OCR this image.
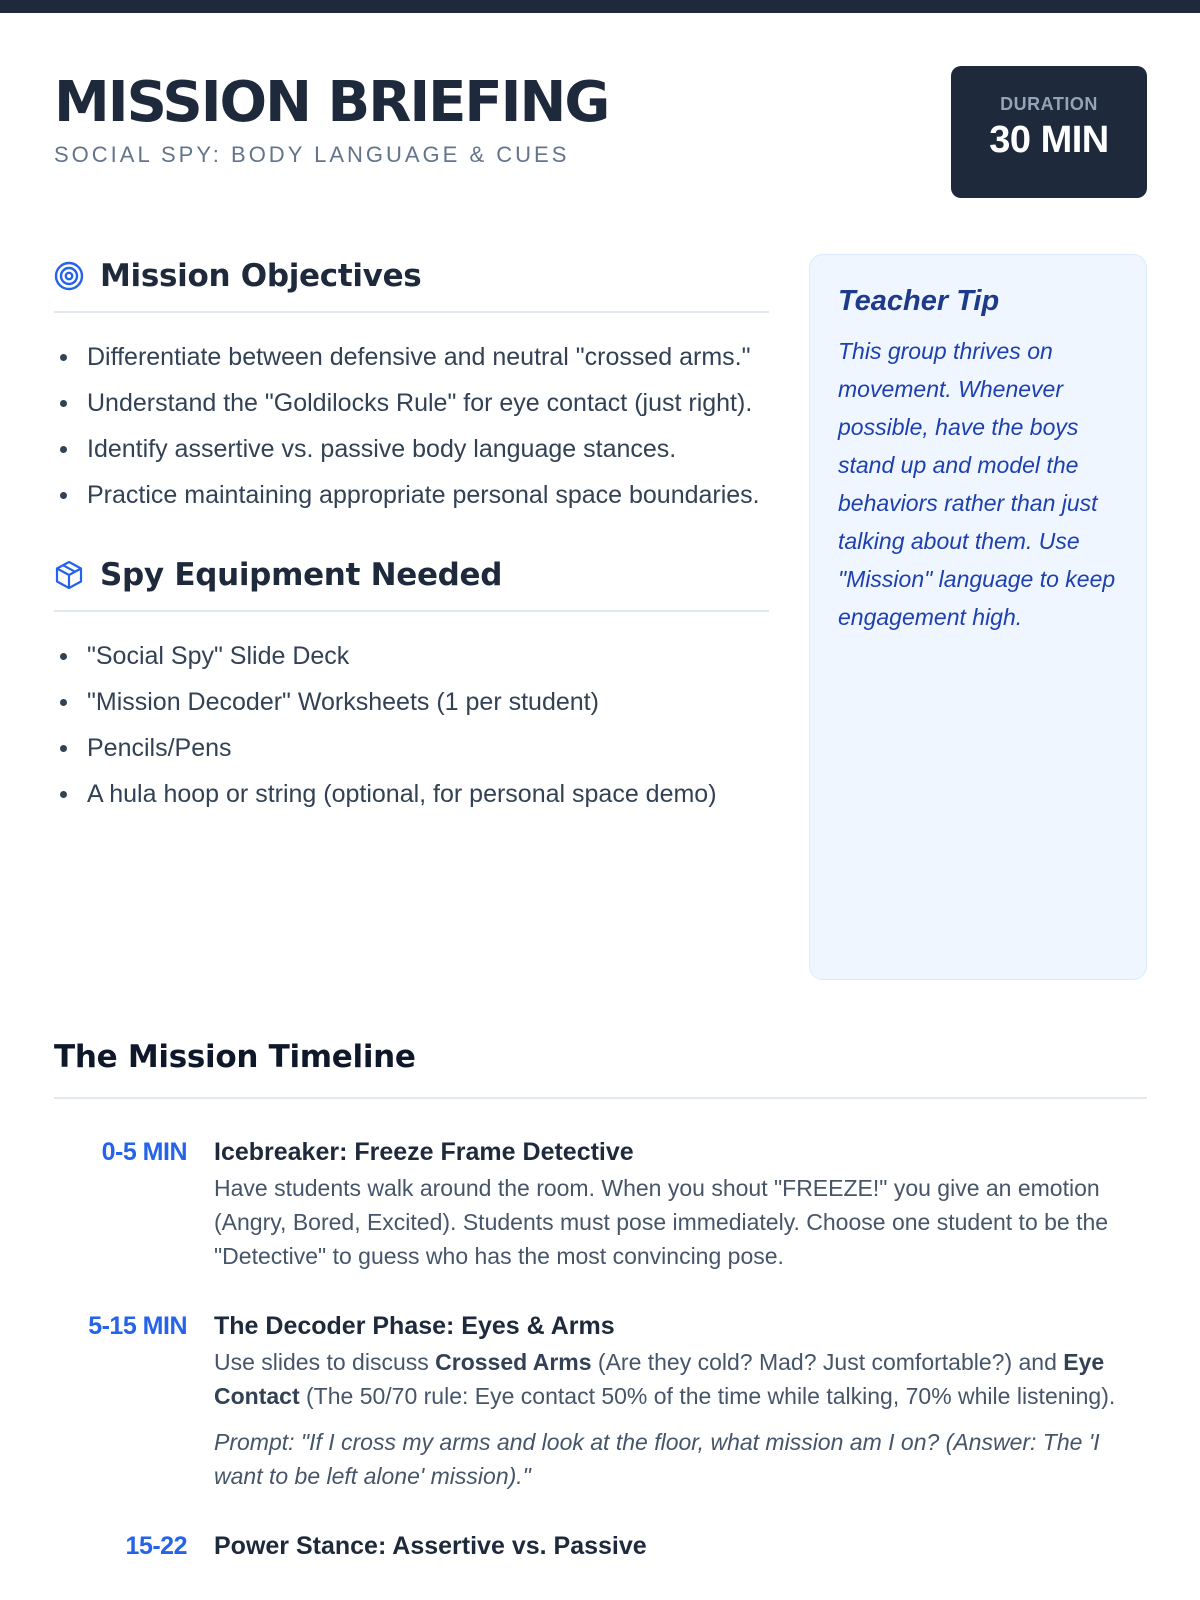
MISSION BRIEFING
SOCIAL SPY: BODY LANGUAGE & CUES
DURATION
30 MIN
Mission Objectives
Differentiate between defensive and neutral "crossed arms."
Understand the "Goldilocks Rule" for eye contact (just right).
Identify assertive vs. passive body language stances.
Practice maintaining appropriate personal space boundaries.
Spy Equipment Needed
"Social Spy" Slide Deck
"Mission Decoder" Worksheets (1 per student)
Pencils/Pens
A hula hoop or string (optional, for personal space demo)
Teacher Tip

This group thrives on movement. Whenever possible, have the boys stand up and model the behaviors rather than just talking about them. Use "Mission" language to keep engagement high.

The Mission Timeline
0-5 MIN Icebreaker: Freeze Frame Detective
Have students walk around the room. When you shout "FREEZE!" you give an emotion (Angry, Bored, Excited). Students must pose immediately. Choose one student to be the "Detective" to guess who has the most convincing pose.
5-15 MIN The Decoder Phase: Eyes & Arms
Use slides to discuss Crossed Arms (Are they cold? Mad? Just comfortable?) and Eye Contact (The 50/70 rule: Eye contact 50% of the time while talking, 70% while listening).
Prompt: "If I cross my arms and look at the floor, what mission am I on? (Answer: The 'I want to be left alone' mission)."
15-22 Power Stance: Assertive vs. Passive
